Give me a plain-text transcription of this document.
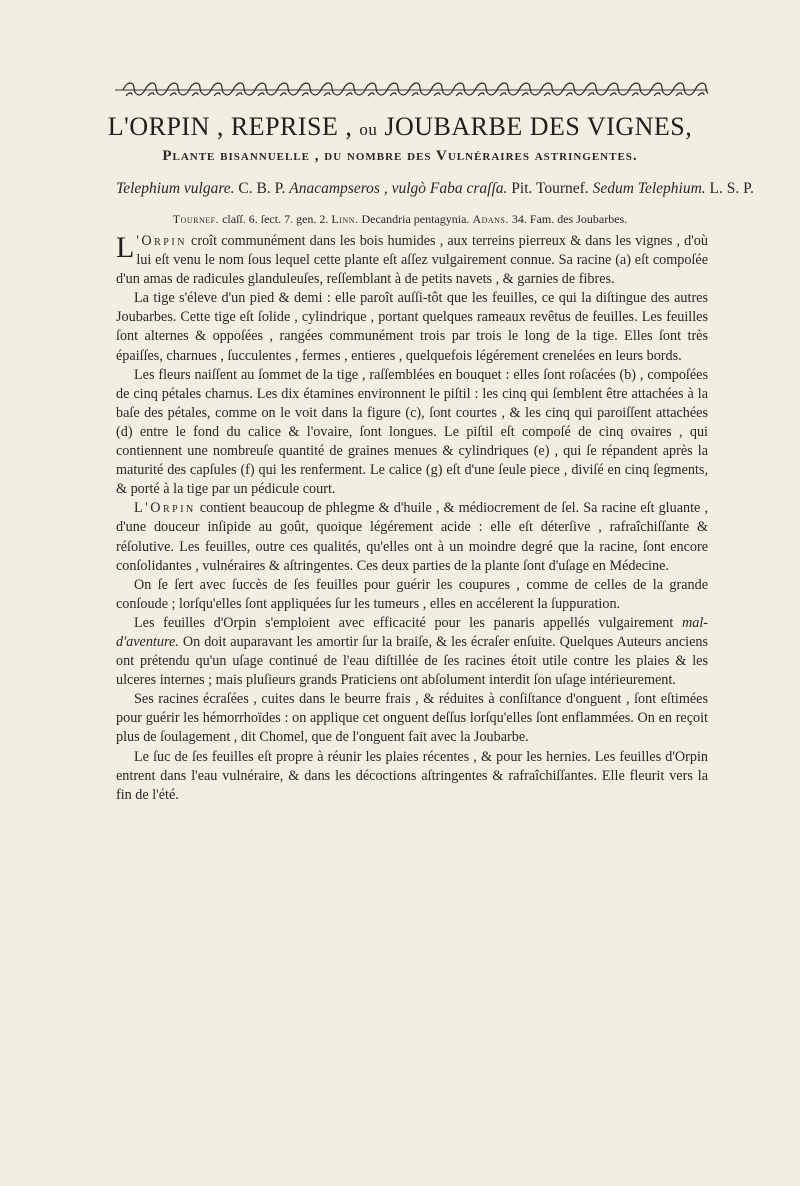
L'ORPIN , REPRISE , ou JOUBARBE DES VIGNES,
Plante bisannuelle , du nombre des Vulnéraires astringentes.
Telephium vulgare. C. B. P. Anacampseros , vulgò Faba craſſa. Pit. Tournef. Sedum Telephium. L. S. P.
Tournef. claſſ. 6. ſect. 7. gen. 2. Linn. Decandria pentagynia. Adans. 34. Fam. des Joubarbes.

L 'Orpin croît communément dans les bois humides , aux terreins pierreux & dans les vignes , d'où lui eſt venu le nom ſous lequel cette plante eſt aſſez vulgairement connue. Sa racine (a) eſt compoſée d'un amas de radicules glanduleuſes, reſſemblant à de petits navets , & garnies de fibres.

La tige s'éleve d'un pied & demi : elle paroît auſſi-tôt que les feuilles, ce qui la diſtingue des autres Joubarbes. Cette tige eſt ſolide , cylindrique , portant quelques rameaux revêtus de feuilles. Les feuilles ſont alternes & oppoſées , rangées communément trois par trois le long de la tige. Elles ſont très épaiſſes, charnues , ſucculentes , fermes , entieres , quelquefois légérement crenelées en leurs bords.

Les fleurs naiſſent au ſommet de la tige , raſſemblées en bouquet : elles ſont roſacées (b) , compoſées de cinq pétales charnus. Les dix étamines environnent le piſtil : les cinq qui ſemblent être attachées à la baſe des pétales, comme on le voit dans la figure (c), ſont courtes , & les cinq qui paroiſſent attachées (d) entre le fond du calice & l'ovaire, ſont longues. Le piſtil eſt compoſé de cinq ovaires , qui contiennent une nombreuſe quantité de graines menues & cylindriques (e) , qui ſe répandent après la maturité des capſules (f) qui les renferment. Le calice (g) eſt d'une ſeule piece , diviſé en cinq ſegments, & porté à la tige par un pédicule court.

L'Orpin contient beaucoup de phlegme & d'huile , & médiocrement de ſel. Sa racine eſt gluante , d'une douceur inſipide au goût, quoique légérement acide : elle eſt déterſive , rafraîchiſſante & réſolutive. Les feuilles, outre ces qualités, qu'elles ont à un moindre degré que la racine, ſont encore conſolidantes , vulnéraires & aſtringentes. Ces deux parties de la plante ſont d'uſage en Médecine.

On ſe ſert avec ſuccès de ſes feuilles pour guérir les coupures , comme de celles de la grande conſoude ; lorſqu'elles ſont appliquées ſur les tumeurs , elles en accélerent la ſuppuration.

Les feuilles d'Orpin s'emploient avec efficacité pour les panaris appellés vulgairement mal-d'aventure. On doit auparavant les amortir ſur la braiſe, & les écraſer enſuite. Quelques Auteurs anciens ont prétendu qu'un uſage continué de l'eau diſtillée de ſes racines étoit utile contre les plaies & les ulceres internes ; mais pluſieurs grands Praticiens ont abſolument interdit ſon uſage intérieurement.

Ses racines écraſées , cuites dans le beurre frais , & réduites à conſiſtance d'onguent , ſont eſtimées pour guérir les hémorrhoïdes : on applique cet onguent deſſus lorſqu'elles ſont enflammées. On en reçoit plus de ſoulagement , dit Chomel, que de l'onguent fait avec la Joubarbe.

Le ſuc de ſes feuilles eſt propre à réunir les plaies récentes , & pour les hernies. Les feuilles d'Orpin entrent dans l'eau vulnéraire, & dans les décoctions aſtringentes & rafraîchiſſantes. Elle fleurit vers la fin de l'été.
